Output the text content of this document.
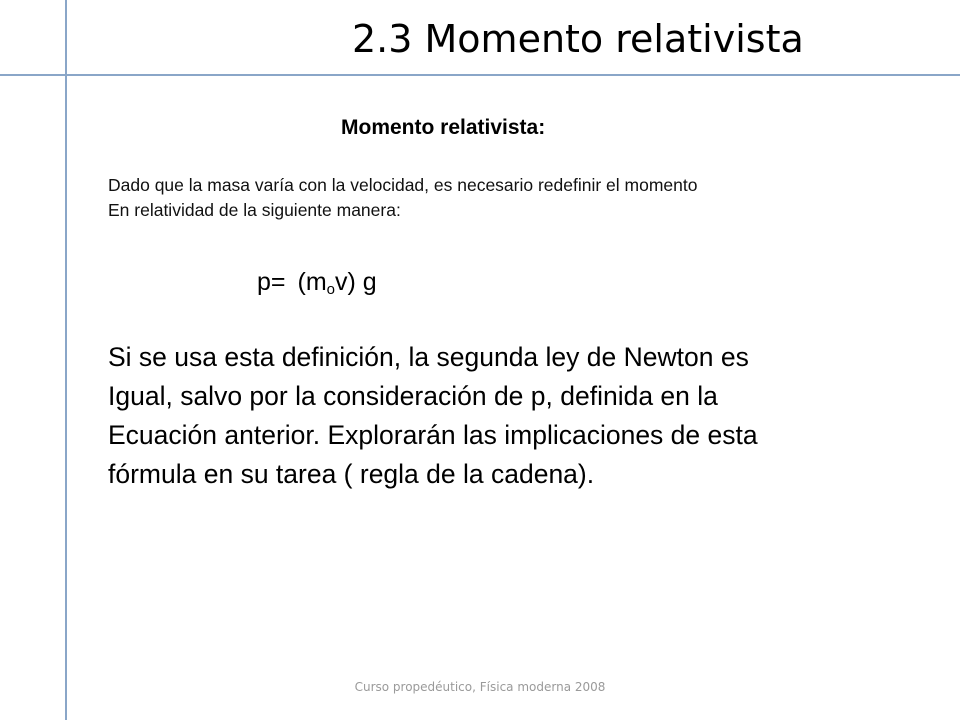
2.3 Momento relativista
Momento relativista:
Dado que la masa varía con la velocidad, es necesario redefinir el momento
En relatividad de la siguiente manera:
$p= (m_ov)$ g
Si se usa esta definición, la segunda ley de Newton es
Igual, salvo por la consideración de p, definida en la
Ecuación anterior. Explorarán las implicaciones de esta
fórmula en su tarea ( regla de la cadena).
Curso propedéutico, Física moderna 2008
